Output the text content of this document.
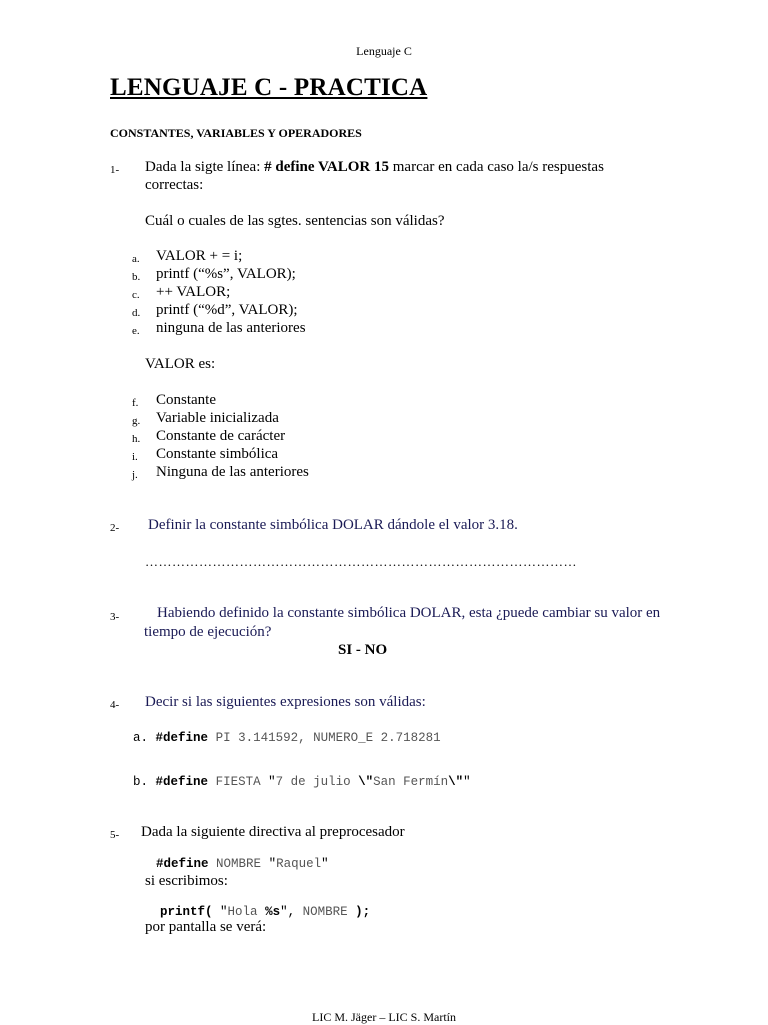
Lenguaje C
LENGUAJE C - PRACTICA
CONSTANTES, VARIABLES Y OPERADORES
1- Dada la sigte línea: # define VALOR 15 marcar en cada caso la/s respuestas
correctas:
Cuál o cuales de las sgtes. sentencias son válidas?
a.	VALOR + = i;
b.	printf (“%s”, VALOR);
c.	++ VALOR;
d.	printf (“%d”, VALOR);
e.	ninguna de las anteriores
VALOR es:
f.	Constante
g.	Variable inicializada
h.	Constante de carácter
i.	Constante simbólica
j.	Ninguna de las anteriores
2- Definir la constante simbólica DOLAR dándole el valor 3.18.
……………………………………………………………………………………
3-	Habiendo definido la constante simbólica DOLAR, esta ¿puede cambiar su valor en
tiempo de ejecución?
SI - NO
4- Decir si las siguientes expresiones son válidas:
a. #define PI 3.141592, NUMERO_E 2.718281
b. #define FIESTA "7 de julio \"San Fermín\""
5- Dada la siguiente directiva al preprocesador
#define NOMBRE "Raquel"
si escribimos:
printf( "Hola %s", NOMBRE );
por pantalla se verá:
LIC M. Jäger – LIC S. Martín
